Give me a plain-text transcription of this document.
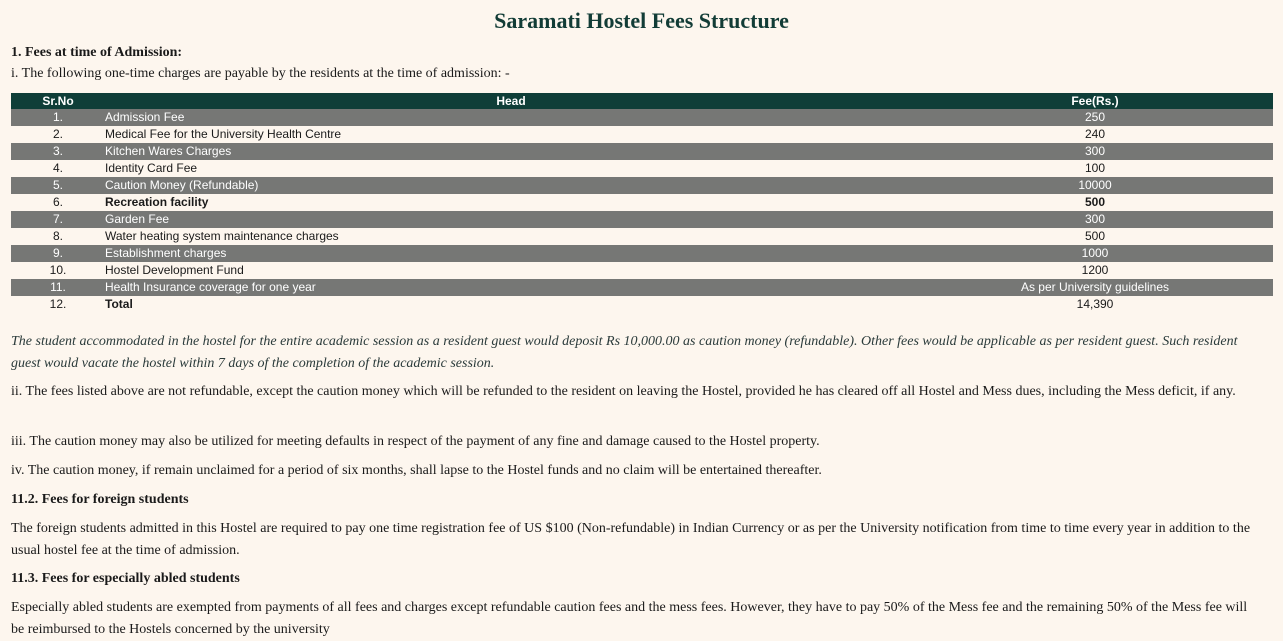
Saramati Hostel Fees Structure
1. Fees at time of Admission:
i. The following one-time charges are payable by the residents at the time of admission: -
Sr.No	Head	Fee(Rs.)
1.	Admission Fee	250
2.	Medical Fee for the University Health Centre	240
3.	Kitchen Wares Charges	300
4.	Identity Card Fee	100
5.	Caution Money (Refundable)	10000
6.	Recreation facility	500
7.	Garden Fee	300
8.	Water heating system maintenance charges	500
9.	Establishment charges	1000
10.	Hostel Development Fund	1200
11.	Health Insurance coverage for one year	As per University guidelines
12.	Total	14,390
The student accommodated in the hostel for the entire academic session as a resident guest would deposit Rs 10,000.00 as caution money (refundable). Other fees would be applicable as per resident guest. Such resident guest would vacate the hostel within 7 days of the completion of the academic session.
ii. The fees listed above are not refundable, except the caution money which will be refunded to the resident on leaving the Hostel, provided he has cleared off all Hostel and Mess dues, including the Mess deficit, if any.
iii. The caution money may also be utilized for meeting defaults in respect of the payment of any fine and damage caused to the Hostel property.
iv. The caution money, if remain unclaimed for a period of six months, shall lapse to the Hostel funds and no claim will be entertained thereafter.
11.2. Fees for foreign students
The foreign students admitted in this Hostel are required to pay one time registration fee of US $100 (Non-refundable) in Indian Currency or as per the University notification from time to time every year in addition to the usual hostel fee at the time of admission.
11.3. Fees for especially abled students
Especially abled students are exempted from payments of all fees and charges except refundable caution fees and the mess fees. However, they have to pay 50% of the Mess fee and the remaining 50% of the Mess fee will be reimbursed to the Hostels concerned by the university
